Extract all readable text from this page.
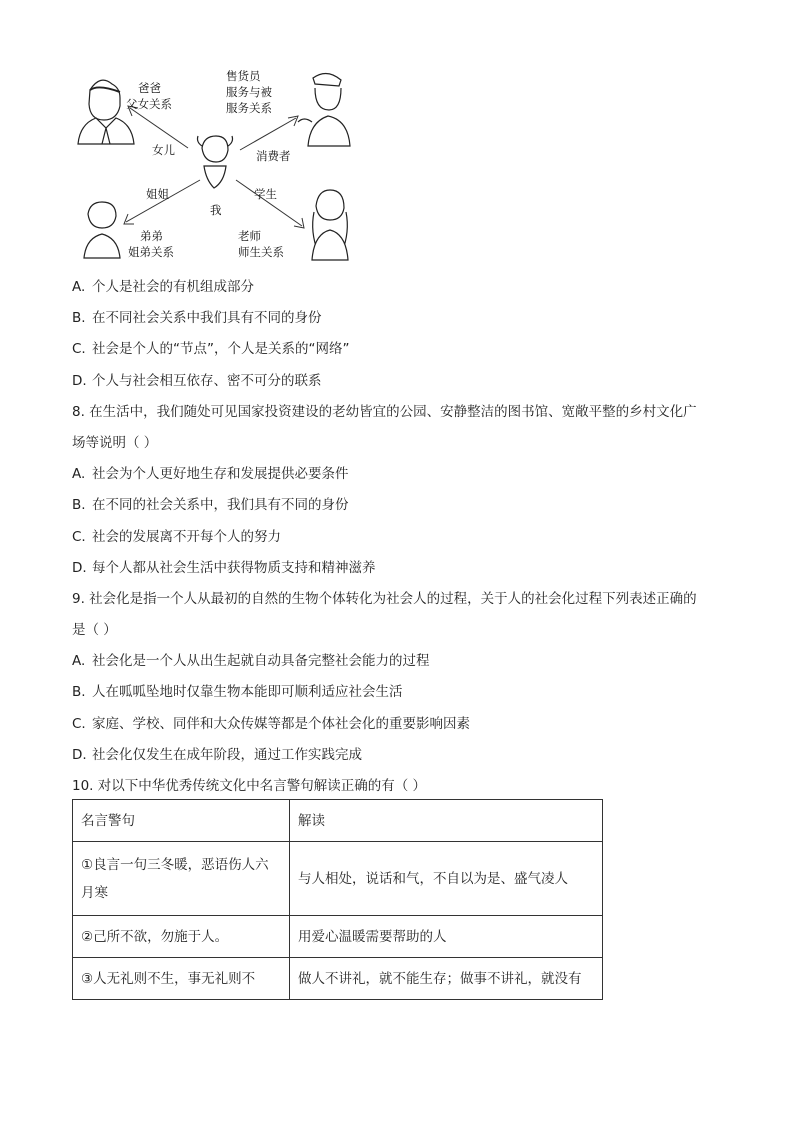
爸爸
父女关系
售货员
服务与被
服务关系
女儿	消费者
姐姐	学生
我
弟弟
姐弟关系
老师
师生关系
A. 个人是社会的有机组成部分
B. 在不同社会关系中我们具有不同的身份
C. 社会是个人的“节点”，个人是关系的“网络”
D. 个人与社会相互依存、密不可分的联系
8. 在生活中，我们随处可见国家投资建设的老幼皆宜的公园、安静整洁的图书馆、宽敞平整的乡村文化广
场等说明（ ）
A. 社会为个人更好地生存和发展提供必要条件
B. 在不同的社会关系中，我们具有不同的身份
C. 社会的发展离不开每个人的努力
D. 每个人都从社会生活中获得物质支持和精神滋养
9. 社会化是指一个人从最初的自然的生物个体转化为社会人的过程，关于人的社会化过程下列表述正确的
是（ ）
A. 社会化是一个人从出生起就自动具备完整社会能力的过程
B. 人在呱呱坠地时仅靠生物本能即可顺利适应社会生活
C. 家庭、学校、同伴和大众传媒等都是个体社会化的重要影响因素
D. 社会化仅发生在成年阶段，通过工作实践完成
10. 对以下中华优秀传统文化中名言警句解读正确的有（ ）
名言警句	解读

①良言一句三冬暖，恶语伤人六
月寒	与人相处，说话和气，不自以为是、盛气凌人
②己所不欲，勿施于人。	用爱心温暖需要帮助的人
③人无礼则不生，事无礼则不	做人不讲礼，就不能生存；做事不讲礼，就没有
